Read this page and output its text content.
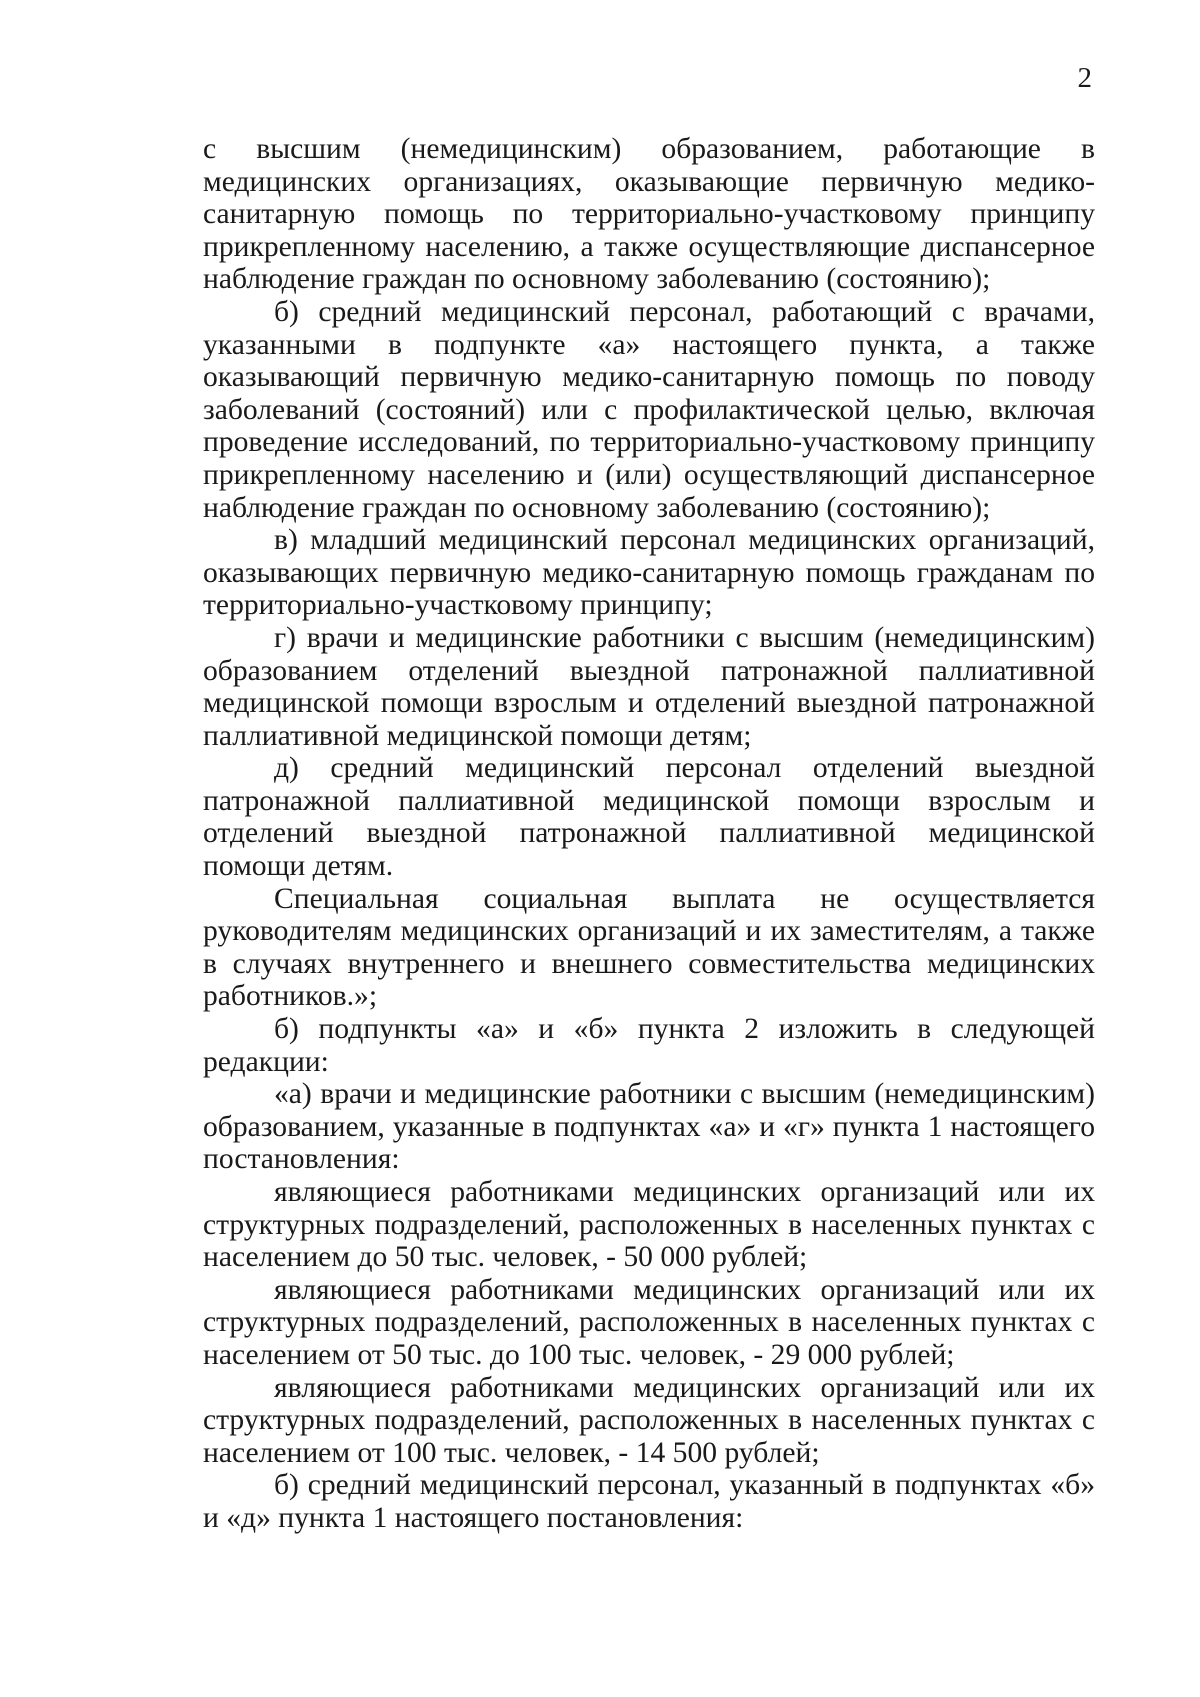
2

с высшим (немедицинским) образованием, работающие в медицинских организациях, оказывающие первичную медико-санитарную помощь по территориально-участковому принципу прикрепленному населению, а также осуществляющие диспансерное наблюдение граждан по основному заболеванию (состоянию);

б) средний медицинский персонал, работающий с врачами, указанными в подпункте «а» настоящего пункта, а также оказывающий первичную медико-санитарную помощь по поводу заболеваний (состояний) или с профилактической целью, включая проведение исследований, по территориально-участковому принципу прикрепленному населению и (или) осуществляющий диспансерное наблюдение граждан по основному заболеванию (состоянию);

в) младший медицинский персонал медицинских организаций, оказывающих первичную медико-санитарную помощь гражданам по территориально-участковому принципу;

г) врачи и медицинские работники с высшим (немедицинским) образованием отделений выездной патронажной паллиативной медицинской помощи взрослым и отделений выездной патронажной паллиативной медицинской помощи детям;

д) средний медицинский персонал отделений выездной патронажной паллиативной медицинской помощи взрослым и отделений выездной патронажной паллиативной медицинской помощи детям.

Специальная социальная выплата не осуществляется руководителям медицинских организаций и их заместителям, а также в случаях внутреннего и внешнего совместительства медицинских работников.»;

б) подпункты «а» и «б» пункта 2 изложить в следующей редакции:

«а) врачи и медицинские работники с высшим (немедицинским) образованием, указанные в подпунктах «а» и «г» пункта 1 настоящего постановления:

являющиеся работниками медицинских организаций или их структурных подразделений, расположенных в населенных пунктах с населением до 50 тыс. человек, - 50 000 рублей;

являющиеся работниками медицинских организаций или их структурных подразделений, расположенных в населенных пунктах с населением от 50 тыс. до 100 тыс. человек, - 29 000 рублей;

являющиеся работниками медицинских организаций или их структурных подразделений, расположенных в населенных пунктах с населением от 100 тыс. человек, - 14 500 рублей;

б) средний медицинский персонал, указанный в подпунктах «б» и «д» пункта 1 настоящего постановления:
